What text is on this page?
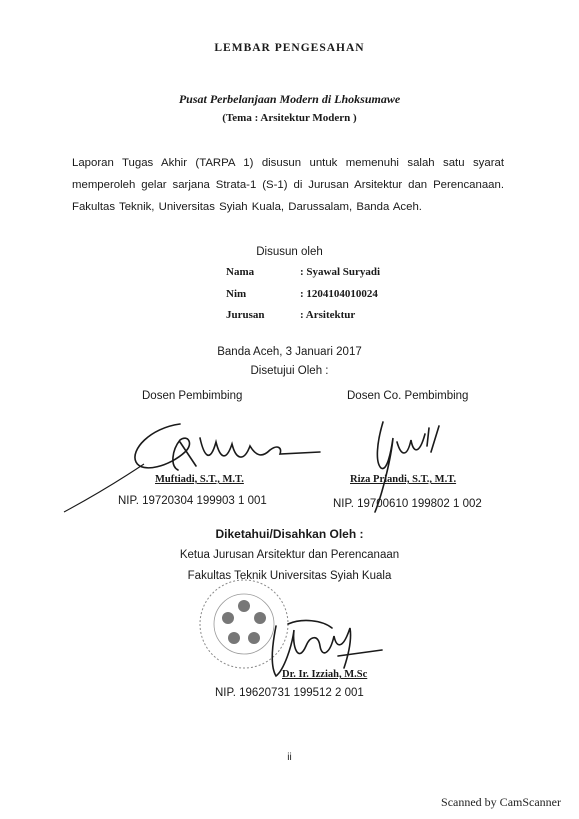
LEMBAR PENGESAHAN
Pusat Perbelanjaan Modern di Lhoksumawe
(Tema : Arsitektur Modern )
Laporan Tugas Akhir (TARPA 1) disusun untuk memenuhi salah satu syarat memperoleh gelar sarjana Strata-1 (S-1) di Jurusan Arsitektur dan Perencanaan. Fakultas Teknik, Universitas Syiah Kuala, Darussalam, Banda Aceh.
Disusun oleh
Nama	: Syawal Suryadi
Nim	: 1204104010024
Jurusan	: Arsitektur
Banda Aceh, 3 Januari 2017
Disetujui Oleh :
Dosen Pembimbing	Dosen Co. Pembimbing
Muftiadi, S.T., M.T.
NIP. 19720304 199903 1 001
Riza Priandi, S.T., M.T.
NIP. 19700610 199802 1 002
Diketahui/Disahkan Oleh :
Ketua Jurusan Arsitektur dan Perencanaan
Fakultas Teknik Universitas Syiah Kuala
Dr. Ir. Izziah, M.Sc
NIP. 19620731 199512 2 001
ii
Scanned by CamScanner
